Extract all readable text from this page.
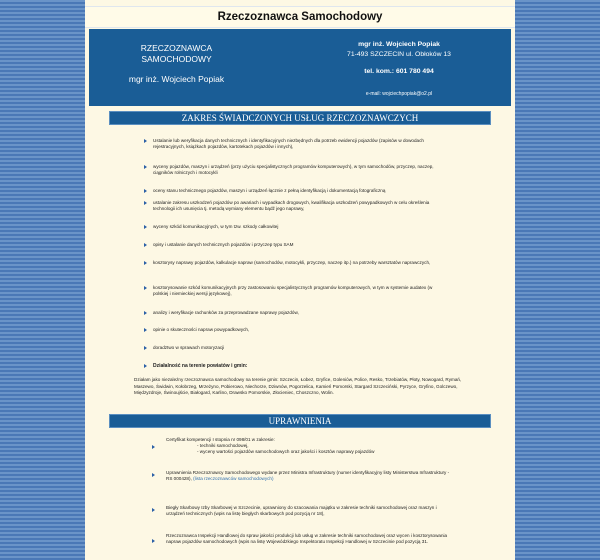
Rzeczoznawca Samochodowy
RZECZOZNAWCA
SAMOCHODOWY
mgr inż. Wojciech Popiak
mgr inż. Wojciech Popiak
71-493 SZCZECIN ul. Obłoków 13
tel. kom.: 601 780 494
e-mail: wojciechpopiak@o2.pl
ZAKRES ŚWIADCZONYCH USŁUG RZECZOZNAWCZYCH
Ustalanie lub weryfikacja danych technicznych i identyfikacyjnych niezbędnych dla potrzeb ewidencji pojazdów (zapisów w dowodach rejestracyjnych, książkach pojazdów, kartotekach pojazdów i innych),
wyceny pojazdów, maszyn i urządzeń (przy użyciu specjalistycznych programów komputerowych), w tym samochodów, przyczep, naczep, ciągników rolniczych i motocykli
oceny stanu technicznego pojazdów, maszyn i urządzeń łącznie z pełną identyfikacją i dokumentacją fotograficzną
ustalanie zakresu uszkodzeń pojazdów po awariach i wypadkach drogowych, kwalifikacja uszkodzeń powypadkowych w celu określenia technologii ich usunięcia tj. metodą wymiany elementu bądź jego naprawy,
wyceny szkód komunikacyjnych, w tym tzw. szkody całkowitej
opisy i ustalanie danych technicznych pojazdów i przyczep typu SAM
kosztorysy naprawy pojazdów, kalkulacje napraw (samochodów, motocykli, przyczep, naczep itp.) na potrzeby warsztatów naprawczych,
kosztorysowanie szkód komunikacyjnych przy zastosowaniu specjalistycznych programów komputerowych, w tym w systemie audatex (w polskiej i niemieckiej wersji językowej),
analizy i weryfikacje rachunków za przeprowadzane naprawy pojazdów,
opinie o skuteczności napraw powypadkowych,
doradztwo w sprawach motoryzacji
Działalność na terenie powiatów i gmin:
Działam jako niezależny rzeczoznawca samochodowy na terenie gmin: Szczecin, Łobez, Gryfice, Goleniów, Police, Resko, Trzebiatów, Płoty, Nowogard, Rymań, Maszewo, Świdwin, Kołobrzeg, Mrzeżyno, Pobierowo, Niechorze, Dziwnów, Pogorzelica, Kamień Pomorski, Stargard Szczeciński, Pyrzyce, Gryfino, Golczewo, Międzyzdroje, Świnoujście, Białogard, Karlino, Drawsko Pomorskie, Złocieniec, Choszczno, Wolin.
UPRAWNIENIA
Certyfikat kompetencji I stopnia nr 098/01 w zakresie:
- techniki samochodowej,
- wyceny wartości pojazdów samochodowych oraz jakości i kosztów naprawy pojazdów
Uprawnienia Rzeczoznawcy Samochodowego wydane przez Ministra Infrastruktury (numer identyfikacyjny listy Ministerstwa Infrastruktury - RS 000428), (lista rzeczoznawców samochodowych)
Biegły Skarbowy Izby Skarbowej w Szczecinie, uprawniony do szacowania majątku w zakresie techniki samochodowej oraz maszyn i urządzeń technicznych (wpis na listę biegłych skarbowych pod pozycją nr 18),
Rzeczoznawca Inspekcji Handlowej do spraw jakości produkcji lub usług w zakresie techniki samochodowej oraz wycen i kosztorysowania napraw pojazdów samochodowych (wpis na listę Wojewódzkiego Inspektoratu Inspekcji Handlowej w Szczecinie pod pozycją 31.
